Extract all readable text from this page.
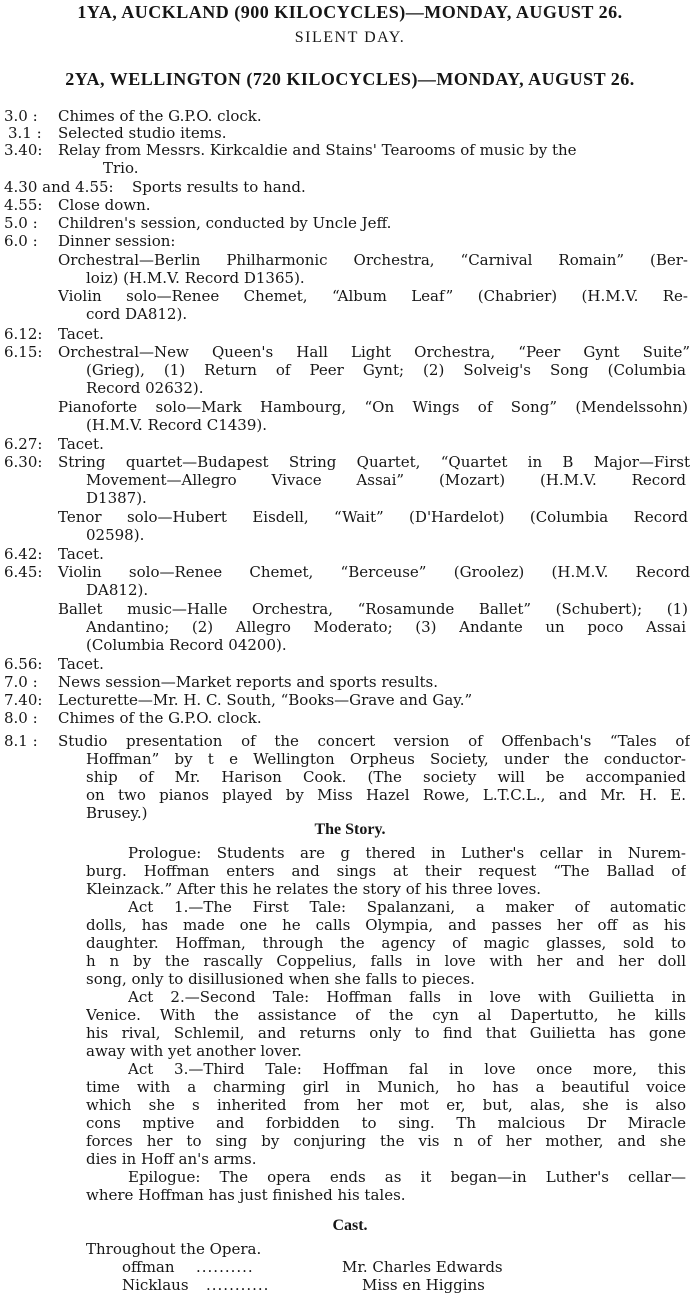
1YA, AUCKLAND (900 KILOCYCLES)—MONDAY, AUGUST 26.
SILENT DAY.
2YA, WELLINGTON (720 KILOCYCLES)—MONDAY, AUGUST 26.
3.0 : Chimes of the G.P.O. clock.
3.1 : Selected studio items.
3.40: Relay from Messrs. Kirkcaldie and Stains' Tearooms of music by the
Trio.
4.30 and 4.55: Sports results to hand.
4.55: Close down.
5.0 : Children's session, conducted by Uncle Jeff.
6.0 : Dinner session:
Orchestral—Berlin Philharmonic Orchestra, “Carnival Romain” (Ber-
loiz) (H.M.V. Record D1365).
Violin solo—Renee Chemet, “Album Leaf” (Chabrier) (H.M.V. Re-
cord DA812).
6.12: Tacet.
6.15: Orchestral—New Queen's Hall Light Orchestra, “Peer Gynt Suite”
(Grieg), (1) Return of Peer Gynt; (2) Solveig's Song (Columbia
Record 02632).
Pianoforte solo—Mark Hambourg, “On Wings of Song” (Mendelssohn)
(H.M.V. Record C1439).
6.27: Tacet.
6.30: String quartet—Budapest String Quartet, “Quartet in B Major—First
Movement—Allegro Vivace Assai” (Mozart) (H.M.V. Record
D1387).
Tenor solo—Hubert Eisdell, “Wait” (D'Hardelot) (Columbia Record
02598).
6.42: Tacet.
6.45: Violin solo—Renee Chemet, “Berceuse” (Groolez) (H.M.V. Record
DA812).
Ballet music—Halle Orchestra, “Rosamunde Ballet” (Schubert); (1)
Andantino; (2) Allegro Moderato; (3) Andante un poco Assai
(Columbia Record 04200).
6.56: Tacet.
7.0 : News session—Market reports and sports results.
7.40: Lecturette—Mr. H. C. South, “Books—Grave and Gay.”
8.0 : Chimes of the G.P.O. clock.
8.1 : Studio presentation of the concert version of Offenbach's “Tales of
Hoffman” by t e Wellington Orpheus Society, under the conductor-
ship of Mr. Harison Cook. (The society will be accompanied
on two pianos played by Miss Hazel Rowe, L.T.C.L., and Mr. H. E.
Brusey.)
The Story.
Prologue: Students are g thered in Luther's cellar in Nurem-
burg. Hoffman enters and sings at their request “The Ballad of
Kleinzack.” After this he relates the story of his three loves.
Act 1.—The First Tale: Spalanzani, a maker of automatic
dolls, has made one he calls Olympia, and passes her off as his
daughter. Hoffman, through the agency of magic glasses, sold to
h n by the rascally Coppelius, falls in love with her and her doll
song, only to disillusioned when she falls to pieces.
Act 2.—Second Tale: Hoffman falls in love with Guilietta in
Venice. With the assistance of the cyn al Dapertutto, he kills
his rival, Schlemil, and returns only to find that Guilietta has gone
away with yet another lover.
Act 3.—Third Tale: Hoffman fal in love once more, this
time with a charming girl in Munich, ho has a beautiful voice
which she s inherited from her mot er, but, alas, she is also
cons mptive and forbidden to sing. Th malcious Dr Miracle
forces her to sing by conjuring the vis n of her mother, and she
dies in Hoff an's arms.
Epilogue: The opera ends as it began—in Luther's cellar—
where Hoffman has just finished his tales.
Cast.
Throughout the Opera.
offman ..........	Mr. Charles Edwards
Nicklaus ...........	Miss en Higgins
